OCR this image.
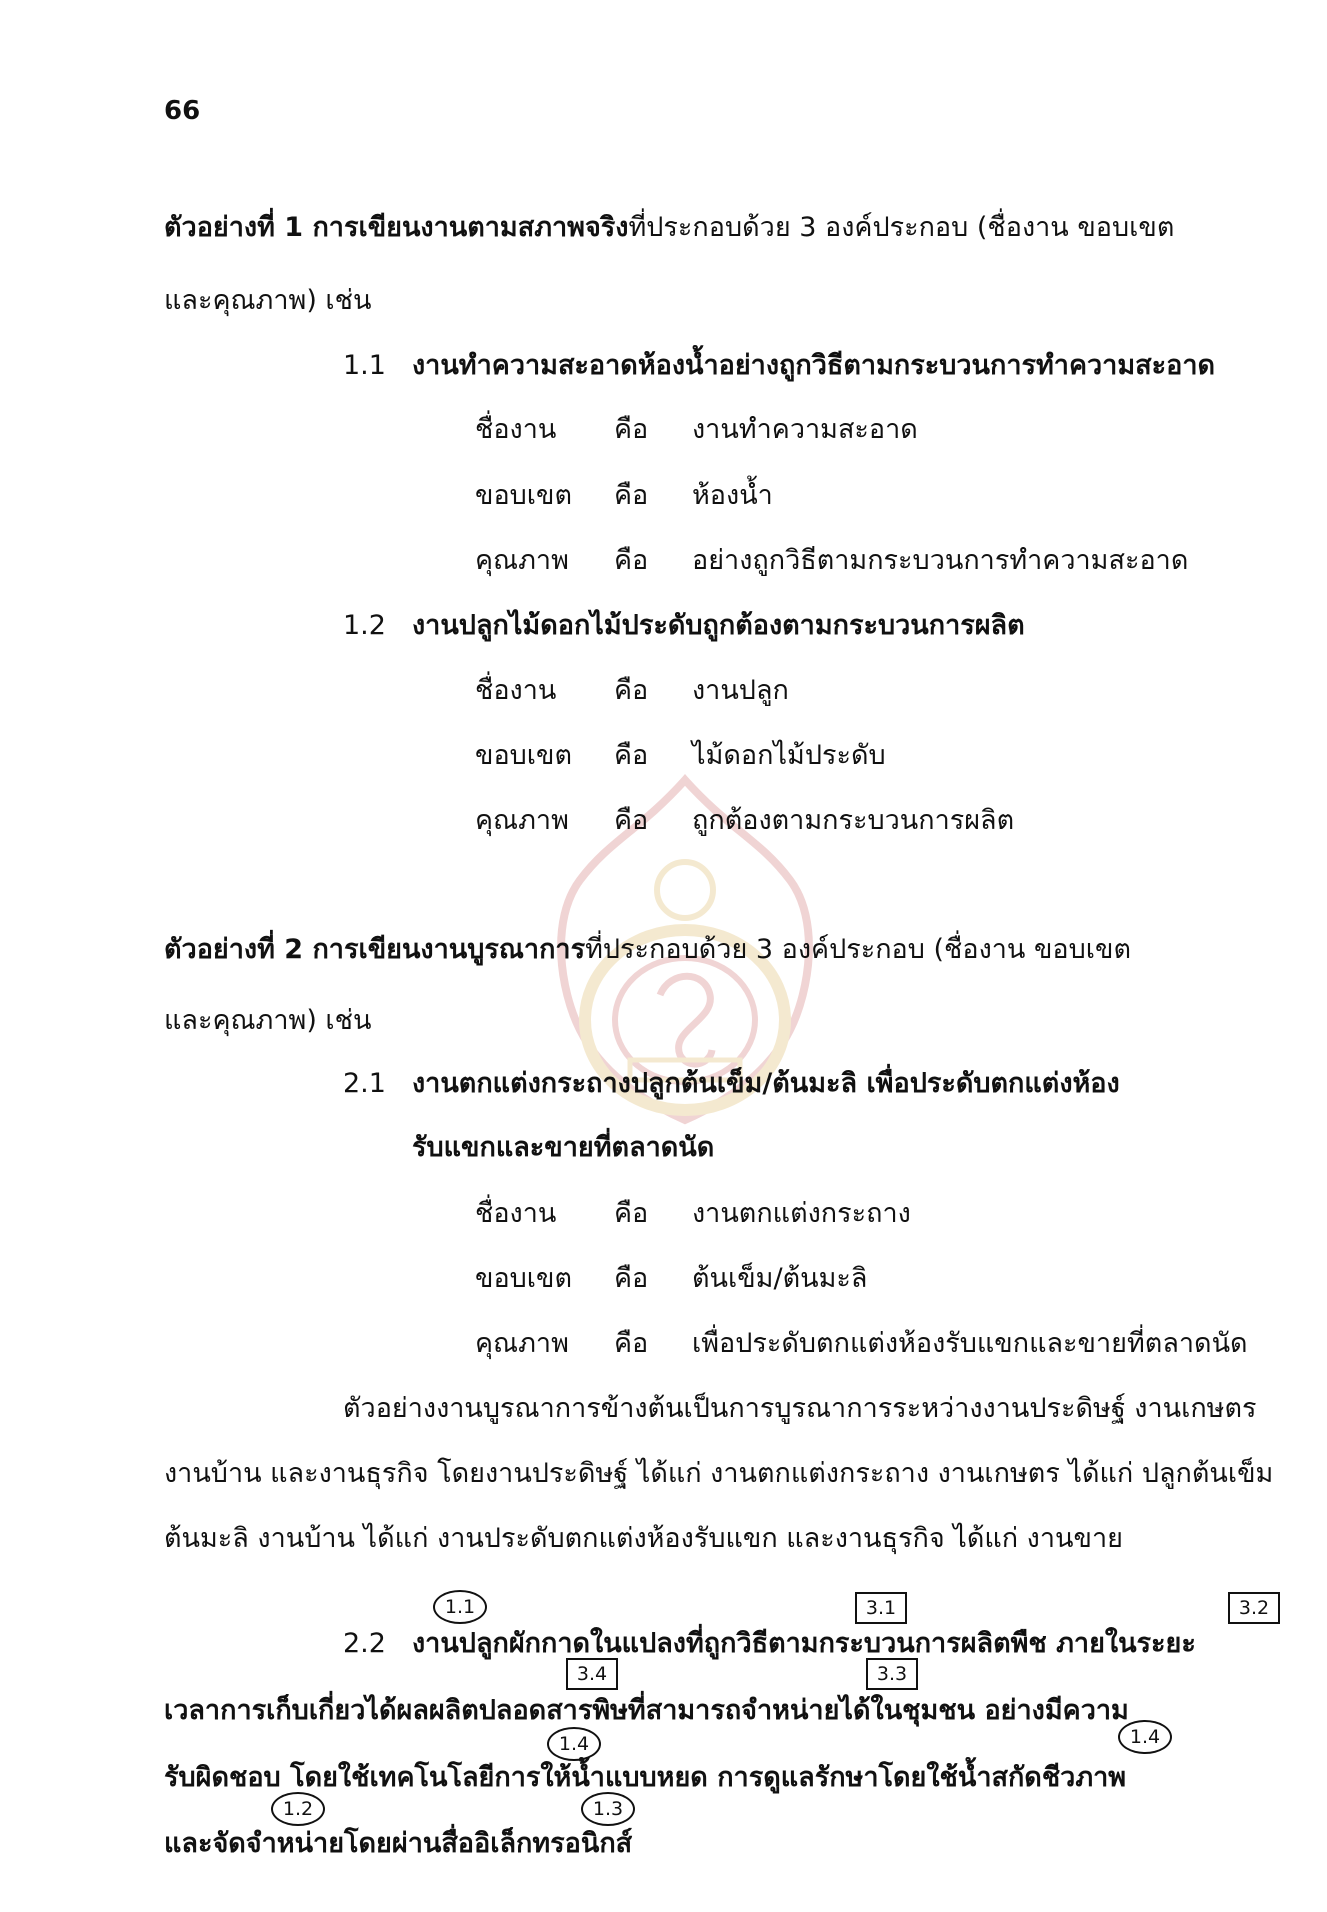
66
ตัวอย่างที่ 1 การเขียนงานตามสภาพจริงที่ประกอบด้วย 3 องค์ประกอบ (ชื่องาน ขอบเขต
และคุณภาพ) เช่น
1.1 งานทำความสะอาดห้องน้ำอย่างถูกวิธีตามกระบวนการทำความสะอาด
ชื่องาน คือ งานทำความสะอาด
ขอบเขต คือ ห้องน้ำ
คุณภาพ คือ อย่างถูกวิธีตามกระบวนการทำความสะอาด
1.2 งานปลูกไม้ดอกไม้ประดับถูกต้องตามกระบวนการผลิต
ชื่องาน คือ งานปลูก
ขอบเขต คือ ไม้ดอกไม้ประดับ
คุณภาพ คือ ถูกต้องตามกระบวนการผลิต
ตัวอย่างที่ 2 การเขียนงานบูรณาการที่ประกอบด้วย 3 องค์ประกอบ (ชื่องาน ขอบเขต
และคุณภาพ) เช่น
2.1 งานตกแต่งกระถางปลูกต้นเข็ม/ต้นมะลิ เพื่อประดับตกแต่งห้อง
รับแขกและขายที่ตลาดนัด
ชื่องาน คือ งานตกแต่งกระถาง
ขอบเขต คือ ต้นเข็ม/ต้นมะลิ
คุณภาพ คือ เพื่อประดับตกแต่งห้องรับแขกและขายที่ตลาดนัด
ตัวอย่างงานบูรณาการข้างต้นเป็นการบูรณาการระหว่างงานประดิษฐ์ งานเกษตร
งานบ้าน และงานธุรกิจ โดยงานประดิษฐ์ ได้แก่ งานตกแต่งกระถาง งานเกษตร ได้แก่ ปลูกต้นเข็ม
ต้นมะลิ งานบ้าน ได้แก่ งานประดับตกแต่งห้องรับแขก และงานธุรกิจ ได้แก่ งานขาย
2.2 งานปลูกผักกาดในแปลงที่ถูกวิธีตามกระบวนการผลิตพืช ภายในระยะ
เวลาการเก็บเกี่ยวได้ผลผลิตปลอดสารพิษที่สามารถจำหน่ายได้ในชุมชน อย่างมีความ
รับผิดชอบ โดยใช้เทคโนโลยีการให้น้ำแบบหยด การดูแลรักษาโดยใช้น้ำสกัดชีวภาพ
และจัดจำหน่ายโดยผ่านสื่ออิเล็กทรอนิกส์
1.1
1.4	1.4
1.2	1.3
3.1	3.2
3.4	3.3
